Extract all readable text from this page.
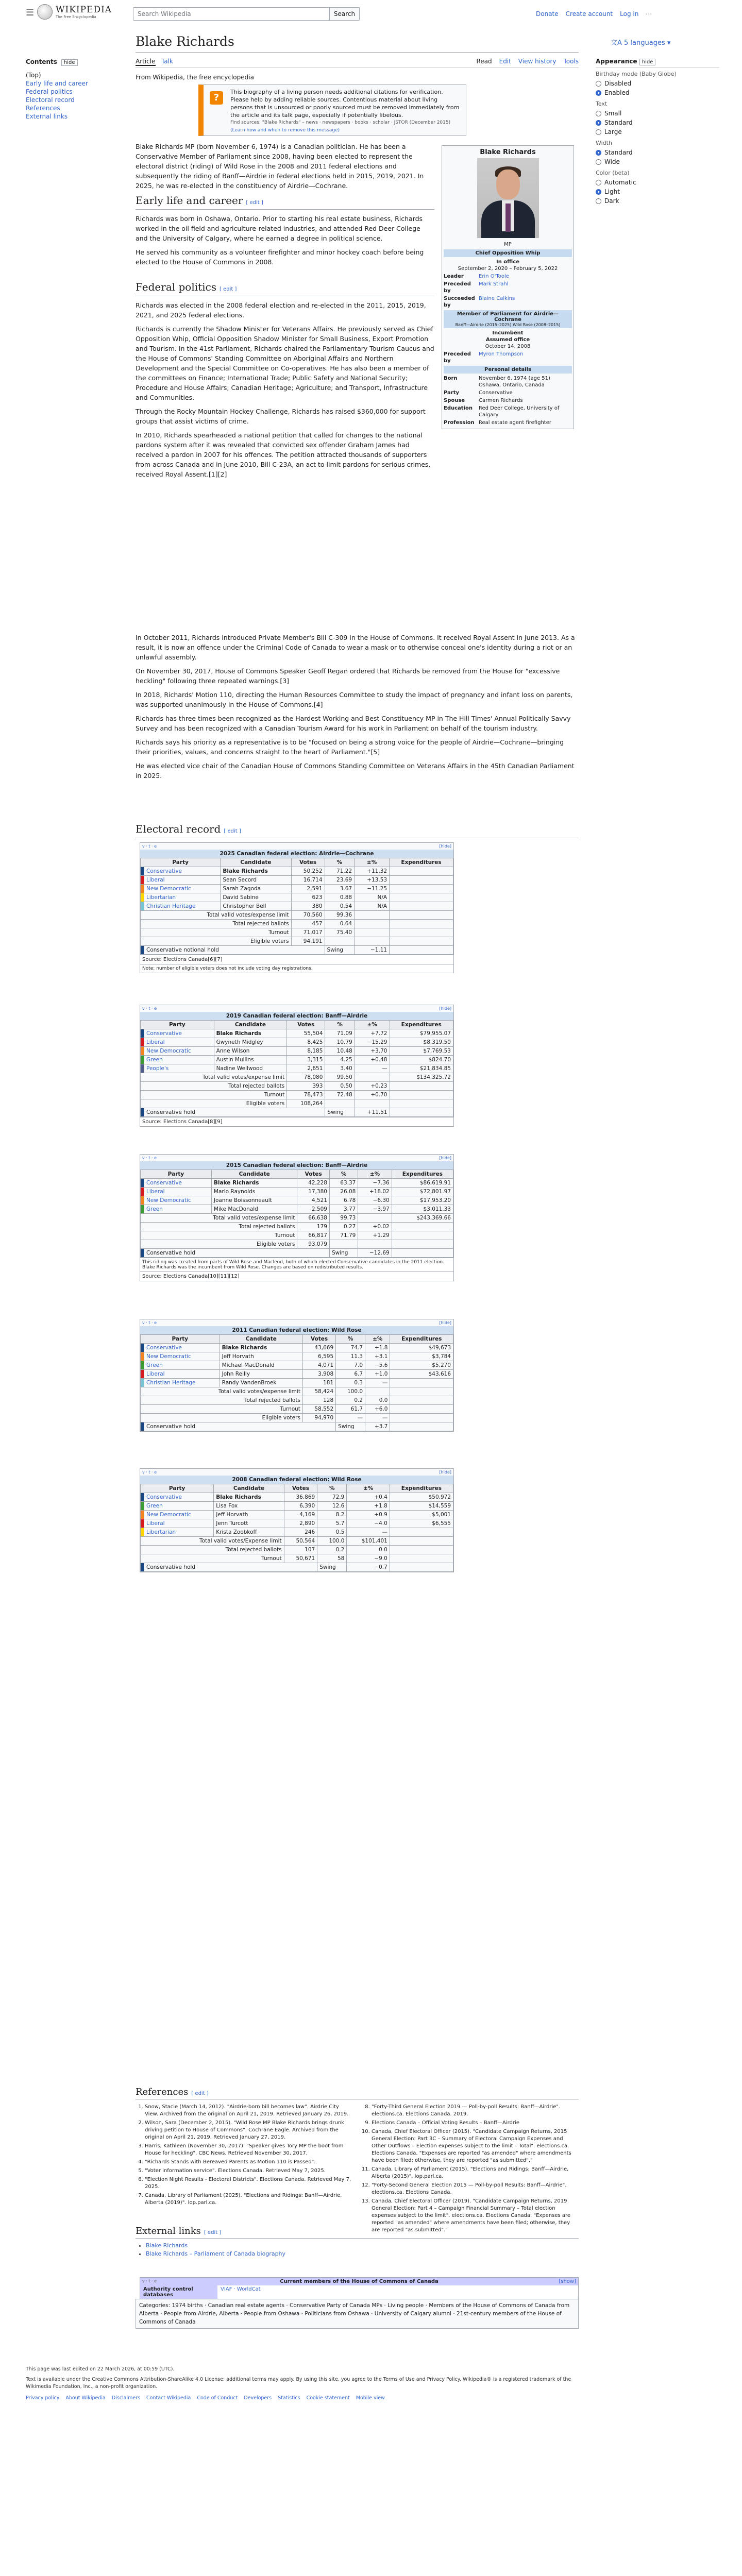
☰ WIKIPEDIA
The Free Encyclopedia	Search Wikipedia	Search	Donate Create account Log in ⋯
文A 5 languages ▾
Blake Richards
Article Talk	Read Edit View history Tools
From Wikipedia, the free encyclopedia
Contents hide
(Top)
Early life and career
Federal politics
Electoral record
References
External links
Appearance hide
Birthday mode (Baby Globe)
Disabled
Enabled
Text
Small
Standard
Large
Width
Standard
Wide
Color (beta)
Automatic
Light
Dark
?
This biography of a living person needs additional citations for verification. Please help by adding reliable sources. Contentious material about living persons that is unsourced or poorly sourced must be removed immediately from the article and its talk page, especially if potentially libelous.
Find sources: "Blake Richards" – news · newspapers · books · scholar · JSTOR (December 2015)
(Learn how and when to remove this message)
Blake Richards MP (born November 6, 1974) is a Canadian politician. He has been a Conservative Member of Parliament since 2008, having been elected to represent the electoral district (riding) of Wild Rose in the 2008 and 2011 federal elections and subsequently the riding of Banff—Airdrie in federal elections held in 2015, 2019, 2021. In 2025, he was re-elected in the constituency of Airdrie—Cochrane.
Blake Richards
MP
Chief Opposition Whip
In office
September 2, 2020 – February 5, 2022
Leader	Erin O'Toole
Preceded by
Mark Strahl
Succeeded by
Blaine Calkins
Member of Parliament for Airdrie—Cochrane
Banff—Airdrie (2015–2025) Wild Rose (2008–2015)
Incumbent
Assumed office
October 14, 2008
Preceded by
Myron Thompson
Personal details
Born	November 6, 1974 (age 51) Oshawa, Ontario, Canada
Party	Conservative
Spouse	Carmen Richards
Education	Red Deer College, University of Calgary
Profession Real estate agent firefighter
Early life and career [ edit ]
Richards was born in Oshawa, Ontario. Prior to starting his real estate business, Richards worked in the oil field and agriculture-related industries, and attended Red Deer College and the University of Calgary, where he earned a degree in political science.
He served his community as a volunteer firefighter and minor hockey coach before being elected to the House of Commons in 2008.
Federal politics [ edit ]
Richards was elected in the 2008 federal election and re-elected in the 2011, 2015, 2019, 2021, and 2025 federal elections.
Richards is currently the Shadow Minister for Veterans Affairs. He previously served as Chief Opposition Whip, Official Opposition Shadow Minister for Small Business, Export Promotion and Tourism. In the 41st Parliament, Richards chaired the Parliamentary Tourism Caucus and the House of Commons' Standing Committee on Aboriginal Affairs and Northern Development and the Special Committee on Co-operatives. He has also been a member of the committees on Finance; International Trade; Public Safety and National Security; Procedure and House Affairs; Canadian Heritage; Agriculture; and Transport, Infrastructure and Communities.
Through the Rocky Mountain Hockey Challenge, Richards has raised $360,000 for support groups that assist victims of crime.
In 2010, Richards spearheaded a national petition that called for changes to the national pardons system after it was revealed that convicted sex offender Graham James had received a pardon in 2007 for his offences. The petition attracted thousands of supporters from across Canada and in June 2010, Bill C-23A, an act to limit pardons for serious crimes, received Royal Assent.[1][2]
In October 2011, Richards introduced Private Member's Bill C-309 in the House of Commons. It received Royal Assent in June 2013. As a result, it is now an offence under the Criminal Code of Canada to wear a mask or to otherwise conceal one's identity during a riot or an unlawful assembly.
On November 30, 2017, House of Commons Speaker Geoff Regan ordered that Richards be removed from the House for "excessive heckling" following three repeated warnings.[3]
In 2018, Richards' Motion 110, directing the Human Resources Committee to study the impact of pregnancy and infant loss on parents, was supported unanimously in the House of Commons.[4]
Richards has three times been recognized as the Hardest Working and Best Constituency MP in The Hill Times' Annual Politically Savvy Survey and has been recognized with a Canadian Tourism Award for his work in Parliament on behalf of the tourism industry.
Richards says his priority as a representative is to be "focused on being a strong voice for the people of Airdrie—Cochrane—bringing their priorities, values, and concerns straight to the heart of Parliament."[5]
He was elected vice chair of the Canadian House of Commons Standing Committee on Veterans Affairs in the 45th Canadian Parliament in 2025.
Electoral record [ edit ]
v · t · e	[hide]
2025 Canadian federal election: Airdrie—Cochrane
Party		Candidate	Votes	%	±%	Expenditures
	Conservative	Blake Richards	50,252	71.22	+11.32	
	Liberal	Sean Secord	16,714	23.69	+13.53	
	New Democratic	Sarah Zagoda	2,591	3.67	−11.25	
	Libertarian	David Sabine	623	0.88	N/A	
	Christian Heritage	Christopher Bell	380	0.54	N/A	
Total valid votes/expense limit			70,560	99.36		
Total rejected ballots			457	0.64		
Turnout			71,017	75.40		
Eligible voters			94,191			
	Conservative notional hold			Swing	−1.11	
Source: Elections Canada[6][7]
Note: number of eligible voters does not include voting day registrations.
v · t · e	[hide]
2019 Canadian federal election: Banff—Airdrie
Party		Candidate	Votes	%	±%	Expenditures
	Conservative	Blake Richards	55,504	71.09	+7.72	$79,955.07
	Liberal	Gwyneth Midgley	8,425	10.79	−15.29	$8,319.50
	New Democratic	Anne Wilson	8,185	10.48	+3.70	$7,769.53
	Green	Austin Mullins	3,315	4.25	+0.48	$824.70
	People's	Nadine Wellwood	2,651	3.40	—	$21,834.85
Total valid votes/expense limit			78,080	99.50		$134,325.72
Total rejected ballots			393	0.50	+0.23	
Turnout			78,473	72.48	+0.70	
Eligible voters			108,264			
	Conservative hold			Swing	+11.51	
Source: Elections Canada[8][9]
v · t · e	[hide]
2015 Canadian federal election: Banff—Airdrie
Party		Candidate	Votes	%	±%	Expenditures
	Conservative	Blake Richards	42,228	63.37	−7.36	$86,619.91
	Liberal	Marlo Raynolds	17,380	26.08	+18.02	$72,801.97
	New Democratic	Joanne Boissonneault	4,521	6.78	−6.30	$17,953.20
	Green	Mike MacDonald	2,509	3.77	−3.97	$3,011.33
Total valid votes/expense limit			66,638	99.73		$243,369.66
Total rejected ballots			179	0.27	+0.02	
Turnout			66,817	71.79	+1.29	
Eligible voters			93,079			
	Conservative hold			Swing	−12.69	
This riding was created from parts of Wild Rose and Macleod, both of which elected Conservative candidates in the 2011 election. Blake Richards was the incumbent from Wild Rose. Changes are based on redistributed results.
Source: Elections Canada[10][11][12]
v · t · e	[hide]
2011 Canadian federal election: Wild Rose
Party		Candidate	Votes	%	±%	Expenditures
	Conservative	Blake Richards	43,669	74.7	+1.8	$49,673
	New Democratic	Jeff Horvath	6,595	11.3	+3.1	$3,784
	Green	Michael MacDonald	4,071	7.0	−5.6	$5,270
	Liberal	John Reilly	3,908	6.7	+1.0	$43,616
	Christian Heritage	Randy VandenBroek	181	0.3	—	
Total valid votes/expense limit			58,424	100.0		
Total rejected ballots			128	0.2	0.0	
Turnout			58,552	61.7	+6.0	
Eligible voters			94,970	—	—	
	Conservative hold			Swing	+3.7	
v · t · e	[hide]
2008 Canadian federal election: Wild Rose
Party		Candidate	Votes	%	±%	Expenditures
	Conservative	Blake Richards	36,869	72.9	+0.4	$50,972
	Green	Lisa Fox	6,390	12.6	+1.8	$14,559
	New Democratic	Jeff Horvath	4,169	8.2	+0.9	$5,001
	Liberal	Jenn Turcott	2,890	5.7	−4.0	$6,555
	Libertarian	Krista Zoobkoff	246	0.5	—	
Total valid votes/Expense limit			50,564	100.0	$101,401	
Total rejected ballots			107	0.2	0.0	
Turnout			50,671	58	−9.0	
	Conservative hold			Swing	−0.7	
References [ edit ]
1. Snow, Stacie (March 14, 2012). "Airdrie-born bill becomes law". Airdrie City View. Archived from the original on April 21, 2019. Retrieved January 26, 2019.
2. Wilson, Sara (December 2, 2015). "Wild Rose MP Blake Richards brings drunk driving petition to House of Commons". Cochrane Eagle. Archived from the original on April 21, 2019. Retrieved January 27, 2019.
3. Harris, Kathleen (November 30, 2017). "Speaker gives Tory MP the boot from House for heckling". CBC News. Retrieved November 30, 2017.
4. "Richards Stands with Bereaved Parents as Motion 110 is Passed".
5. "Voter information service". Elections Canada. Retrieved May 7, 2025.
6. "Election Night Results - Electoral Districts". Elections Canada. Retrieved May 7, 2025.
7. Canada, Library of Parliament (2025). "Elections and Ridings: Banff—Airdrie, Alberta (2019)". lop.parl.ca.
8. "Forty-Third General Election 2019 — Poll-by-poll Results: Banff—Airdrie". elections.ca. Elections Canada. 2019.
9. Elections Canada – Official Voting Results – Banff—Airdrie
10. Canada, Chief Electoral Officer (2015). "Candidate Campaign Returns, 2015 General Election: Part 3C – Summary of Electoral Campaign Expenses and Other Outflows – Election expenses subject to the limit – Total". elections.ca. Elections Canada. "Expenses are reported "as amended" where amendments have been filed; otherwise, they are reported "as submitted"."
11. Canada, Library of Parliament (2015). "Elections and Ridings: Banff—Airdrie, Alberta (2015)". lop.parl.ca.
12. "Forty-Second General Election 2015 — Poll-by-poll Results: Banff—Airdrie". elections.ca. Elections Canada.
13. Canada, Chief Electoral Officer (2019). "Candidate Campaign Returns, 2019 General Election: Part 4 – Campaign Financial Summary – Total election expenses subject to the limit". elections.ca. Elections Canada. "Expenses are reported "as amended" where amendments have been filed; otherwise, they are reported "as submitted"."
External links [ edit ]
• Blake Richards
• Blake Richards – Parliament of Canada biography
v · t · e	Current members of the House of Commons of Canada	[show]
Authority control databases
VIAF · WorldCat
Categories: 1974 births · Canadian real estate agents · Conservative Party of Canada MPs · Living people · Members of the House of Commons of Canada from Alberta · People from Airdrie, Alberta · People from Oshawa · Politicians from Oshawa · University of Calgary alumni · 21st-century members of the House of Commons of Canada
This page was last edited on 22 March 2026, at 00:59 (UTC).
Text is available under the Creative Commons Attribution-ShareAlike 4.0 License; additional terms may apply. By using this site, you agree to the Terms of Use and Privacy Policy. Wikipedia® is a registered trademark of the Wikimedia Foundation, Inc., a non-profit organization.
Privacy policy About Wikipedia Disclaimers Contact Wikipedia Code of Conduct Developers Statistics Cookie statement Mobile view
